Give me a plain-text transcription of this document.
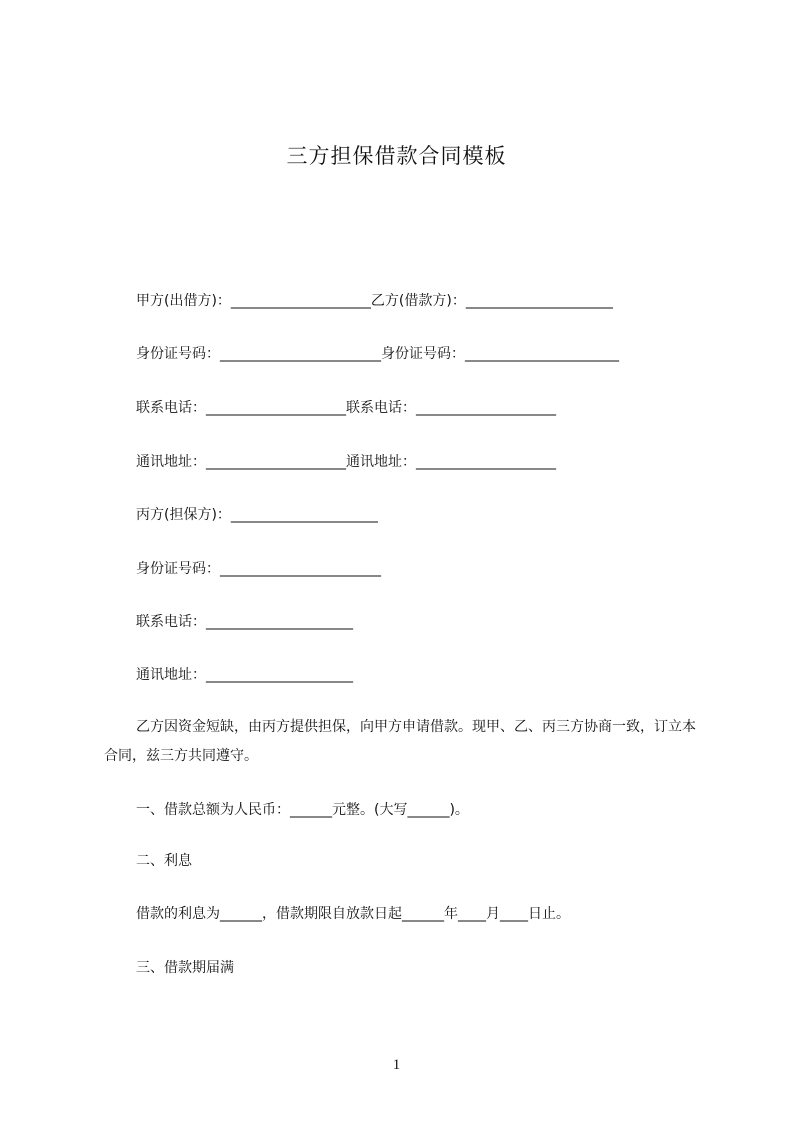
三方担保借款合同模板
甲方(出借方)：____________________乙方(借款方)：_____________________
身份证号码：_______________________身份证号码：______________________
联系电话：____________________联系电话：____________________
通讯地址：____________________通讯地址：____________________
丙方(担保方)：_____________________
身份证号码：_______________________
联系电话：_____________________
通讯地址：_____________________
乙方因资金短缺，由丙方提供担保，向甲方申请借款。现甲、乙、丙三方协商一致，订立本合同，兹三方共同遵守。
一、借款总额为人民币：______元整。(大写______)。
二、利息
借款的利息为______，借款期限自放款日起______年____月____日止。
三、借款期届满
1
